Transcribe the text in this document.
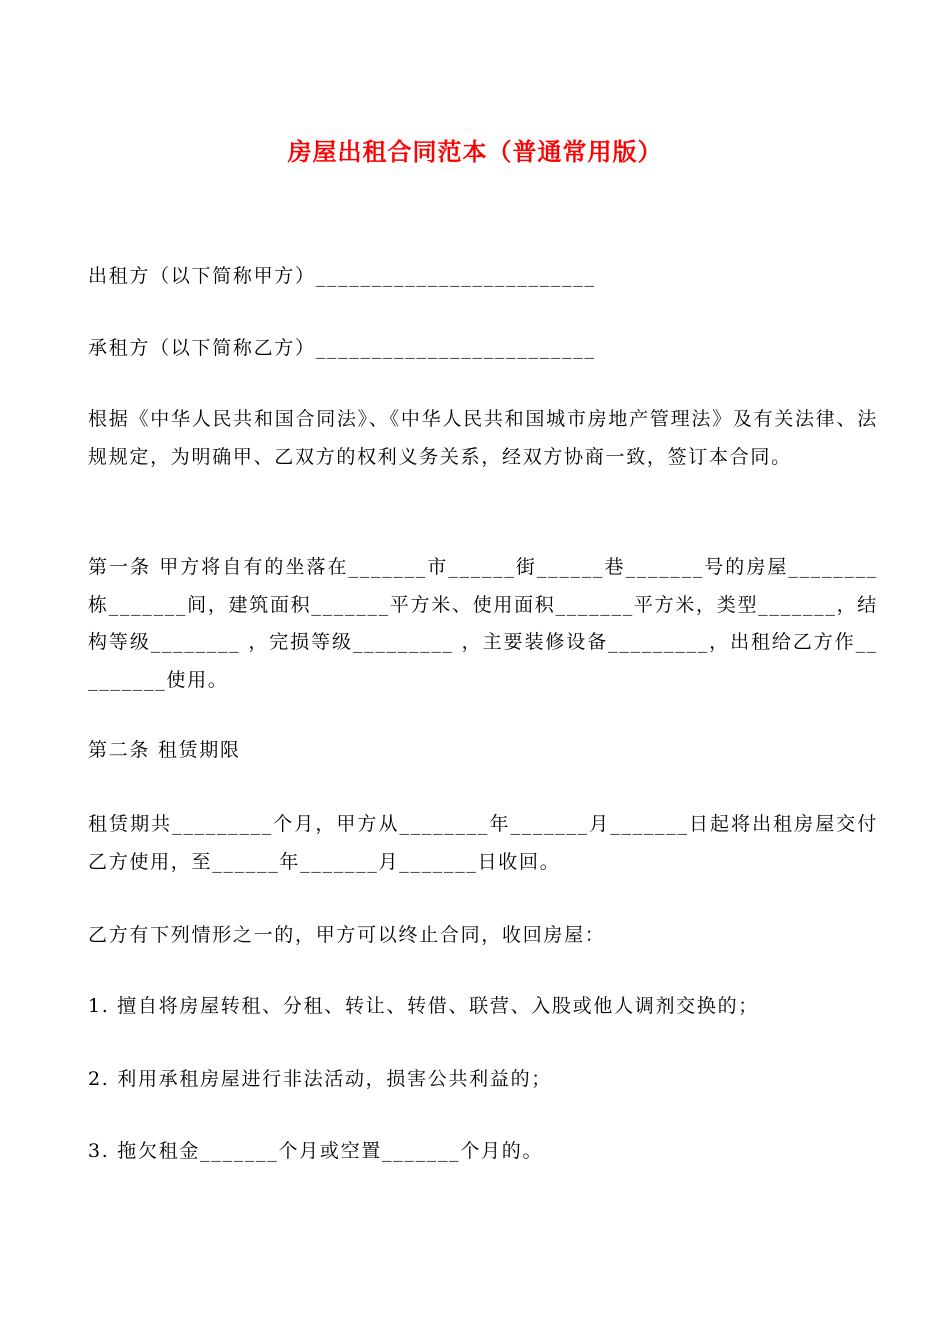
房屋出租合同范本（普通常用版）

出租方（以下简称甲方）_________________________

承租方（以下简称乙方）_________________________

根据《中华人民共和国合同法》、《中华人民共和国城市房地产管理法》及有关法律、法规规定，为明确甲、乙双方的权利义务关系，经双方协商一致，签订本合同。

第一条 甲方将自有的坐落在_______市______街______巷_______号的房屋________栋_______间，建筑面积_______平方米、使用面积_______平方米，类型_______，结构等级________ ，完损等级_________ ，主要装修设备_________，出租给乙方作_________使用。

第二条 租赁期限

租赁期共_________个月，甲方从________年_______月_______日起将出租房屋交付乙方使用，至______年_______月_______日收回。

乙方有下列情形之一的，甲方可以终止合同，收回房屋：

1. 擅自将房屋转租、分租、转让、转借、联营、入股或他人调剂交换的；

2. 利用承租房屋进行非法活动，损害公共利益的；

3. 拖欠租金_______个月或空置_______个月的。
